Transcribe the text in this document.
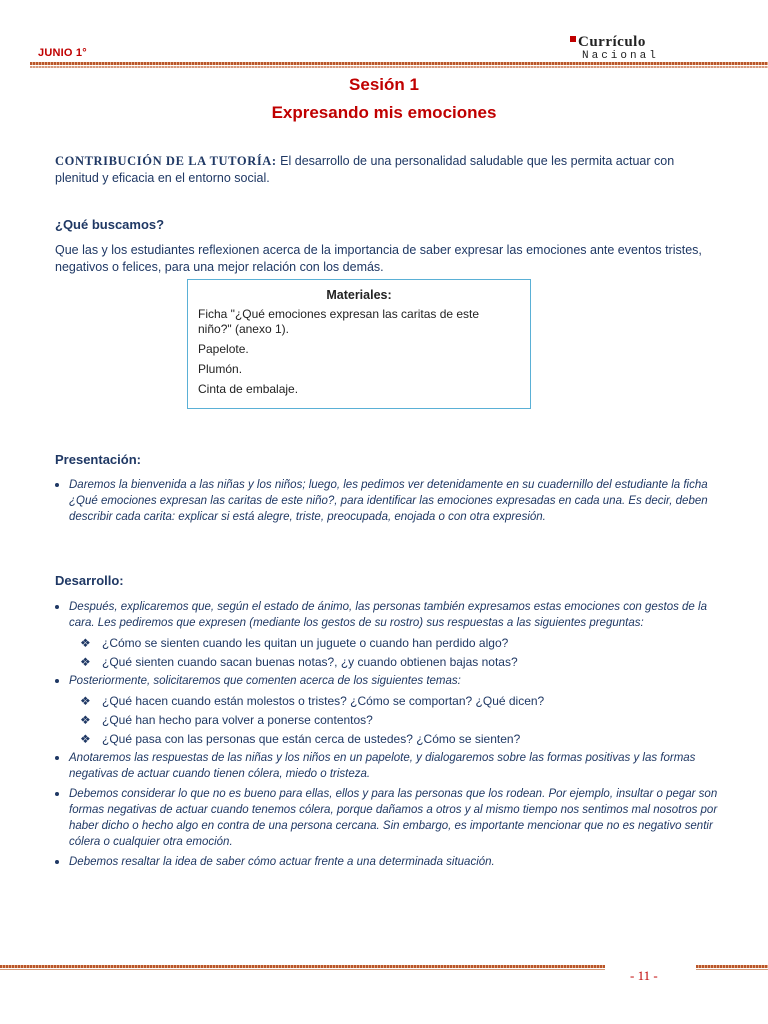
JUNIO 1°
Currículo
Nacional
Sesión 1
Expresando mis emociones
CONTRIBUCIÓN DE LA TUTORÍA: El desarrollo de una personalidad saludable que les permita actuar con plenitud y eficacia en el entorno social.
¿Qué buscamos?
Que las y los estudiantes reflexionen acerca de la importancia de saber expresar las emociones ante eventos tristes, negativos o felices, para una mejor relación con los demás.
Materiales:
Ficha "¿Qué emociones expresan las caritas de este niño?" (anexo 1).
Papelote.
Plumón.
Cinta de embalaje.
Presentación:
Daremos la bienvenida a las niñas y los niños; luego, les pedimos ver detenidamente en su cuadernillo del estudiante la ficha ¿Qué emociones expresan las caritas de este niño?, para identificar las emociones expresadas en cada una. Es decir, deben describir cada carita: explicar si está alegre, triste, preocupada, enojada o con otra expresión.
Desarrollo:
Después, explicaremos que, según el estado de ánimo, las personas también expresamos estas emociones con gestos de la cara. Les pediremos que expresen (mediante los gestos de su rostro) sus respuestas a las siguientes preguntas:
❖ ¿Cómo se sienten cuando les quitan un juguete o cuando han perdido algo?
❖ ¿Qué sienten cuando sacan buenas notas?, ¿y cuando obtienen bajas notas?
Posteriormente, solicitaremos que comenten acerca de los siguientes temas:
❖ ¿Qué hacen cuando están molestos o tristes? ¿Cómo se comportan? ¿Qué dicen?
❖ ¿Qué han hecho para volver a ponerse contentos?
❖ ¿Qué pasa con las personas que están cerca de ustedes? ¿Cómo se sienten?
Anotaremos las respuestas de las niñas y los niños en un papelote, y dialogaremos sobre las formas positivas y las formas negativas de actuar cuando tienen cólera, miedo o tristeza.
Debemos considerar lo que no es bueno para ellas, ellos y para las personas que los rodean. Por ejemplo, insultar o pegar son formas negativas de actuar cuando tenemos cólera, porque dañamos a otros y al mismo tiempo nos sentimos mal nosotros por haber dicho o hecho algo en contra de una persona cercana. Sin embargo, es importante mencionar que no es negativo sentir cólera o cualquier otra emoción.
Debemos resaltar la idea de saber cómo actuar frente a una determinada situación.
- 11 -
